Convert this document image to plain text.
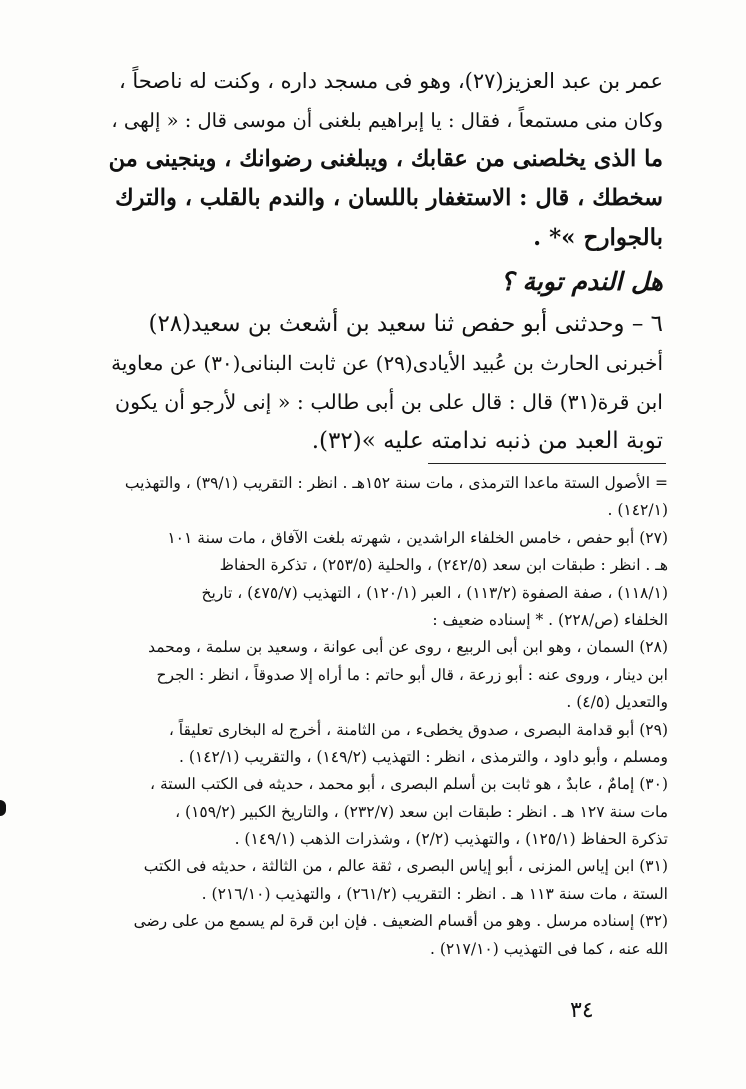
عمر بن عبد العزيز(٢٧)، وهو فى مسجد داره ، وكنت له ناصحاً ،
وكان منى مستمعاً ، فقال : يا إبراهيم بلغنى أن موسى قال : « إلهى ،
ما الذى يخلصنى من عقابك ، ويبلغنى رضوانك ، وينجينى من
سخطك ، قال : الاستغفار باللسان ، والندم بالقلب ، والترك
بالجوارح »* .
هل الندم توبة ؟
٦ – وحدثنى أبو حفص ثنا سعيد بن أشعث بن سعيد(٢٨)
أخبرنى الحارث بن عُبيد الأيادى(٢٩) عن ثابت البنانى(٣٠) عن معاوية
ابن قرة(٣١) قال : قال على بن أبى طالب : « إنى لأرجو أن يكون
توبة العبد من ذنبه ندامته عليه »(٣٢).
= الأصول الستة ماعدا الترمذى ، مات سنة ١٥٢هـ . انظر : التقريب (٣٩/١) ، والتهذيب
(١٤٢/١) .
(٢٧) أبو حفص ، خامس الخلفاء الراشدين ، شهرته بلغت الآفاق ، مات سنة ١٠١
هـ . انظر : طبقات ابن سعد (٢٤٢/٥) ، والحلية (٢٥٣/٥) ، تذكرة الحفاظ
(١١٨/١) ، صفة الصفوة (١١٣/٢) ، العبر (١٢٠/١) ، التهذيب (٤٧٥/٧) ، تاريخ
الخلفاء (ص/٢٢٨) . * إسناده ضعيف :
(٢٨) السمان ، وهو ابن أبى الربيع ، روى عن أبى عوانة ، وسعيد بن سلمة ، ومحمد
ابن دينار ، وروى عنه : أبو زرعة ، قال أبو حاتم : ما أراه إلا صدوقاً ، انظر : الجرح
والتعديل (٤/٥) .
(٢٩) أبو قدامة البصرى ، صدوق يخطىء ، من الثامنة ، أخرج له البخارى تعليقاً ،
ومسلم ، وأبو داود ، والترمذى ، انظر : التهذيب (١٤٩/٢) ، والتقريب (١٤٢/١) .
(٣٠) إمامٌ ، عابدٌ ، هو ثابت بن أسلم البصرى ، أبو محمد ، حديثه فى الكتب الستة ،
مات سنة ١٢٧ هـ . انظر : طبقات ابن سعد (٢٣٢/٧) ، والتاريخ الكبير (١٥٩/٢) ،
تذكرة الحفاظ (١٢٥/١) ، والتهذيب (٢/٢) ، وشذرات الذهب (١٤٩/١) .
(٣١) ابن إياس المزنى ، أبو إياس البصرى ، ثقة عالم ، من الثالثة ، حديثه فى الكتب
الستة ، مات سنة ١١٣ هـ . انظر : التقريب (٢٦١/٢) ، والتهذيب (٢١٦/١٠) .
(٣٢) إسناده مرسل . وهو من أقسام الضعيف . فإن ابن قرة لم يسمع من على رضى
الله عنه ، كما فى التهذيب (٢١٧/١٠) .
٣٤
